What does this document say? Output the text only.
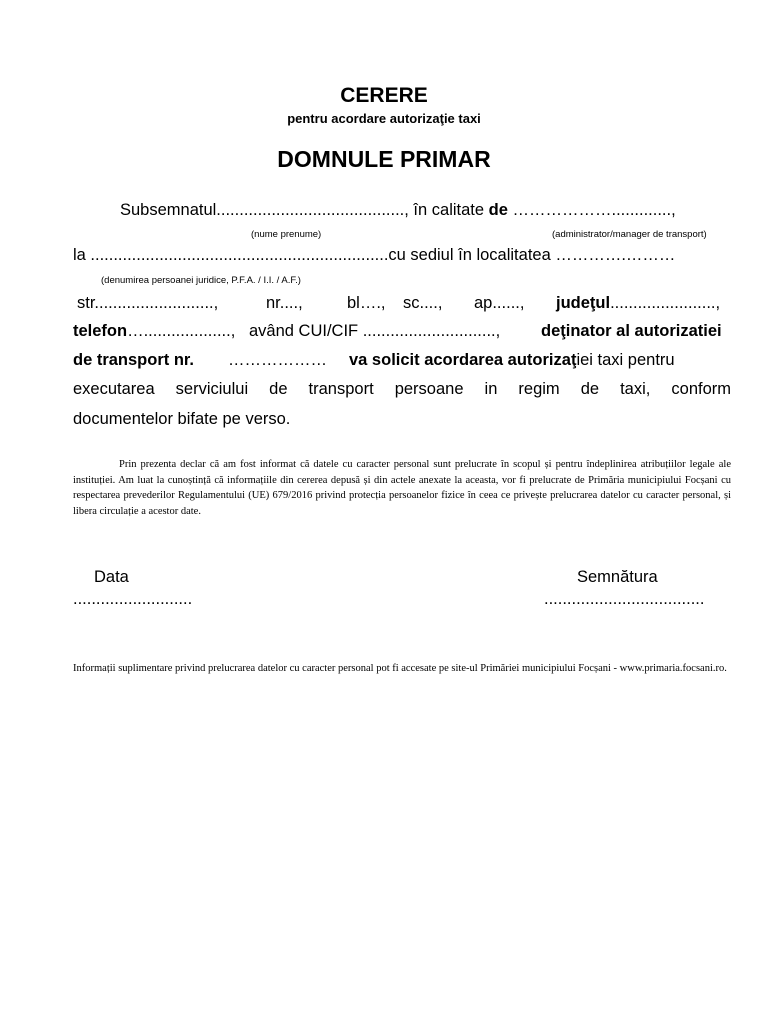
CERERE
pentru acordare autorizaţie taxi
DOMNULE PRIMAR
Subsemnatul........................................., în calitate de ……………….............,
(nume prenume)	(administrator/manager de transport)
la .................................................................cu sediul în localitatea ………….………
(denumirea persoanei juridice, P.F.A. / I.I. / A.F.)
str..........................,	nr....,	bl…., sc...., ap......, judeţul.......................,
telefon…..................., având CUI/CIF ............................., deţinator al autorizatiei
de transport nr. ……………… va solicit acordarea autorizaţiei taxi pentru
executarea serviciului de transport persoane in regim de taxi, conform
documentelor bifate pe verso.
Prin prezenta declar că am fost informat că datele cu caracter personal sunt prelucrate în scopul și pentru îndeplinirea atribuțiilor legale ale instituției. Am luat la cunoștință că informațiile din cererea depusă și din actele anexate la aceasta, vor fi prelucrate de Primăria municipiului Focșani cu respectarea prevederilor Regulamentului (UE) 679/2016 privind protecția persoanelor fizice în ceea ce privește prelucrarea datelor cu caracter personal, și libera circulație a acestor date.
Data
..........................
Semnătura
...................................
Informații suplimentare privind prelucrarea datelor cu caracter personal pot fi accesate pe site-ul Primăriei municipiului Focșani - www.primaria.focsani.ro.
